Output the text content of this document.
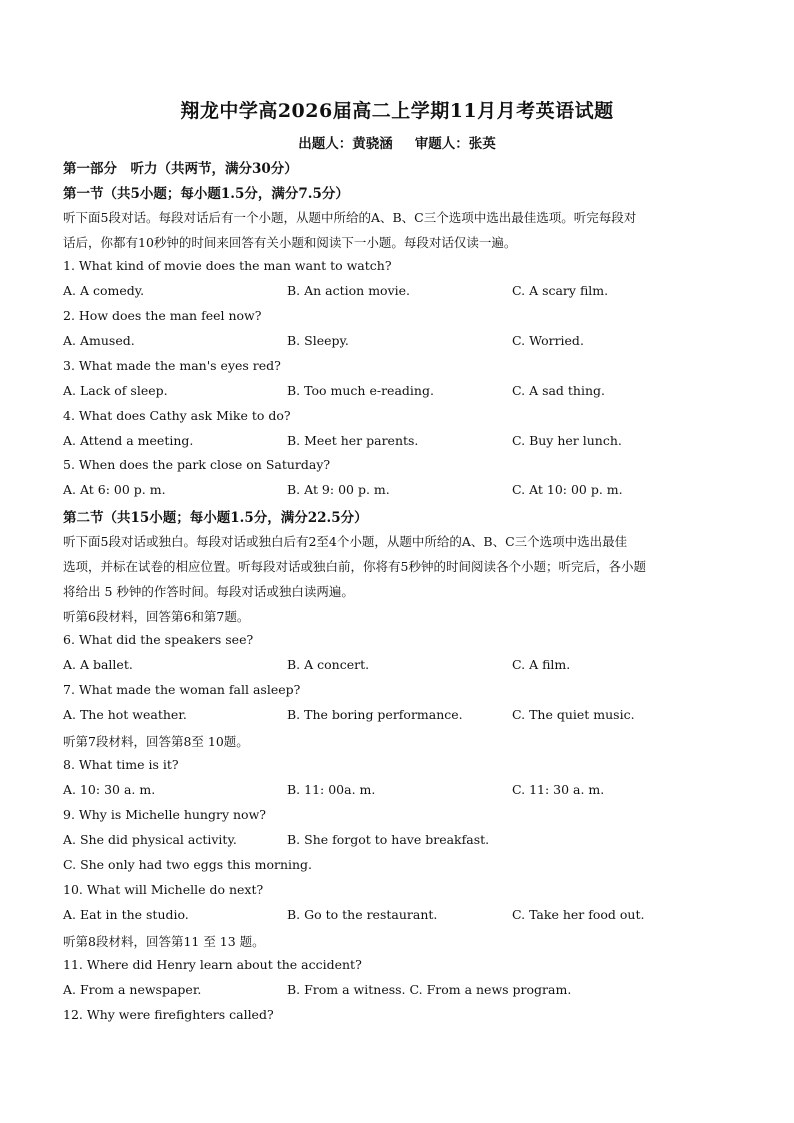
翔龙中学高2026届高二上学期11月月考英语试题
出题人：黄骁涵 审题人：张英
第一部分　听力（共两节，满分30分）
第一节（共5小题；每小题1.5分，满分7.5分）
听下面5段对话。每段对话后有一个小题，从题中所给的A、B、C三个选项中选出最佳选项。听完每段对
话后，你都有10秒钟的时间来回答有关小题和阅读下一小题。每段对话仅读一遍。
1. What kind of movie does the man want to watch?
A. A comedy.	B. An action movie.	C. A scary film.
2. How does the man feel now?
A. Amused.	B. Sleepy.	C. Worried.
3. What made the man's eyes red?
A. Lack of sleep.	B. Too much e-reading.	C. A sad thing.
4. What does Cathy ask Mike to do?
A. Attend a meeting.	B. Meet her parents.	C. Buy her lunch.
5. When does the park close on Saturday?
A. At 6: 00 p. m.	B. At 9: 00 p. m.	C. At 10: 00 p. m.
第二节（共15小题；每小题1.5分，满分22.5分）
听下面5段对话或独白。每段对话或独白后有2至4个小题，从题中所给的A、B、C三个选项中选出最佳
选项，并标在试卷的相应位置。听每段对话或独白前，你将有5秒钟的时间阅读各个小题；听完后，各小题
将给出 5 秒钟的作答时间。每段对话或独白读两遍。
听第6段材料，回答第6和第7题。
6. What did the speakers see?
A. A ballet.	B. A concert.	C. A film.
7. What made the woman fall asleep?
A. The hot weather.	B. The boring performance.	C. The quiet music.
听第7段材料，回答第8至 10题。
8. What time is it?
A. 10: 30 a. m.	B. 11: 00a. m.	C. 11: 30 a. m.
9. Why is Michelle hungry now?
A. She did physical activity.	B. She forgot to have breakfast.
C. She only had two eggs this morning.
10. What will Michelle do next?
A. Eat in the studio.	B. Go to the restaurant.	C. Take her food out.
听第8段材料，回答第11 至 13 题。
11. Where did Henry learn about the accident?
A. From a newspaper.	B. From a witness. C. From a news program.
12. Why were firefighters called?
